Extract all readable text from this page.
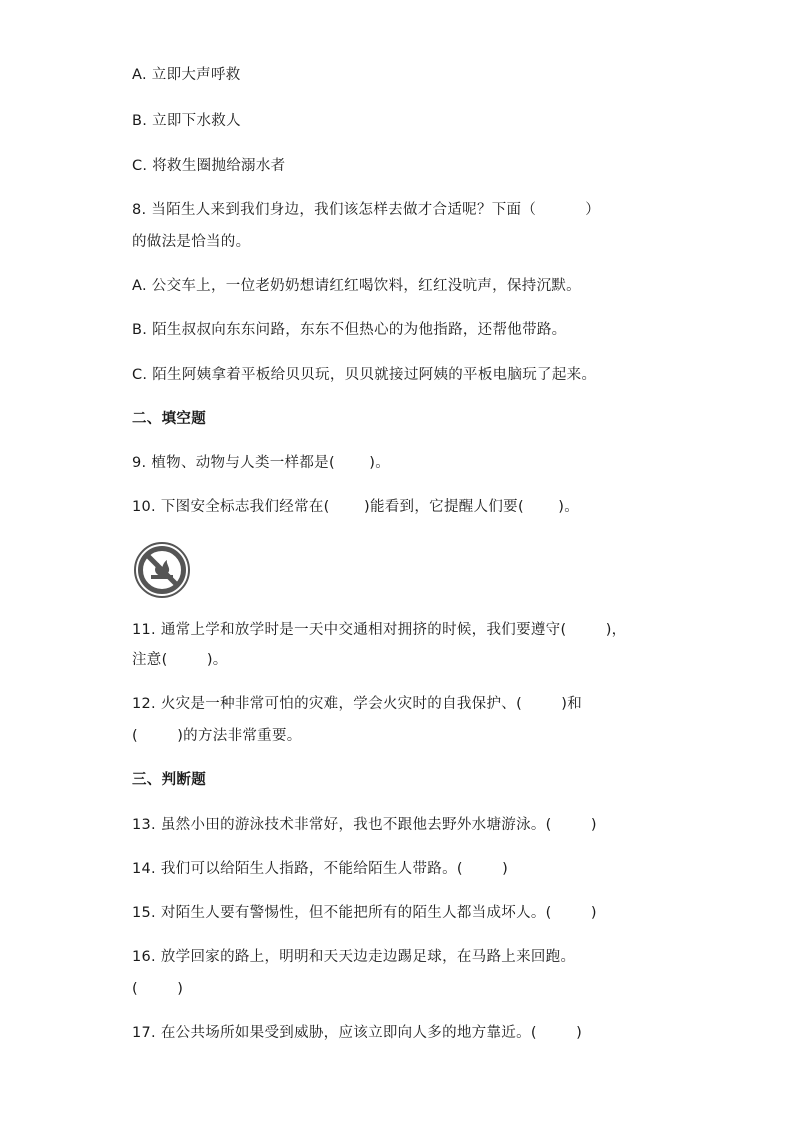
A. 立即大声呼救
B. 立即下水救人
C. 将救生圈抛给溺水者
8. 当陌生人来到我们身边，我们该怎样去做才合适呢？下面（          ）
的做法是恰当的。
A. 公交车上，一位老奶奶想请红红喝饮料，红红没吭声，保持沉默。
B. 陌生叔叔向东东问路，东东不但热心的为他指路，还帮他带路。
C. 陌生阿姨拿着平板给贝贝玩，贝贝就接过阿姨的平板电脑玩了起来。
二、填空题
9. 植物、动物与人类一样都是(       )。
10. 下图安全标志我们经常在(       )能看到，它提醒人们要(       )。
11. 通常上学和放学时是一天中交通相对拥挤的时候，我们要遵守(        )，
注意(        )。
12. 火灾是一种非常可怕的灾难，学会火灾时的自我保护、(        )和
(        )的方法非常重要。
三、判断题
13. 虽然小田的游泳技术非常好，我也不跟他去野外水塘游泳。(        )
14. 我们可以给陌生人指路，不能给陌生人带路。(        )
15. 对陌生人要有警惕性，但不能把所有的陌生人都当成坏人。(        )
16. 放学回家的路上，明明和天天边走边踢足球，在马路上来回跑。
(        )
17. 在公共场所如果受到威胁，应该立即向人多的地方靠近。(        )
